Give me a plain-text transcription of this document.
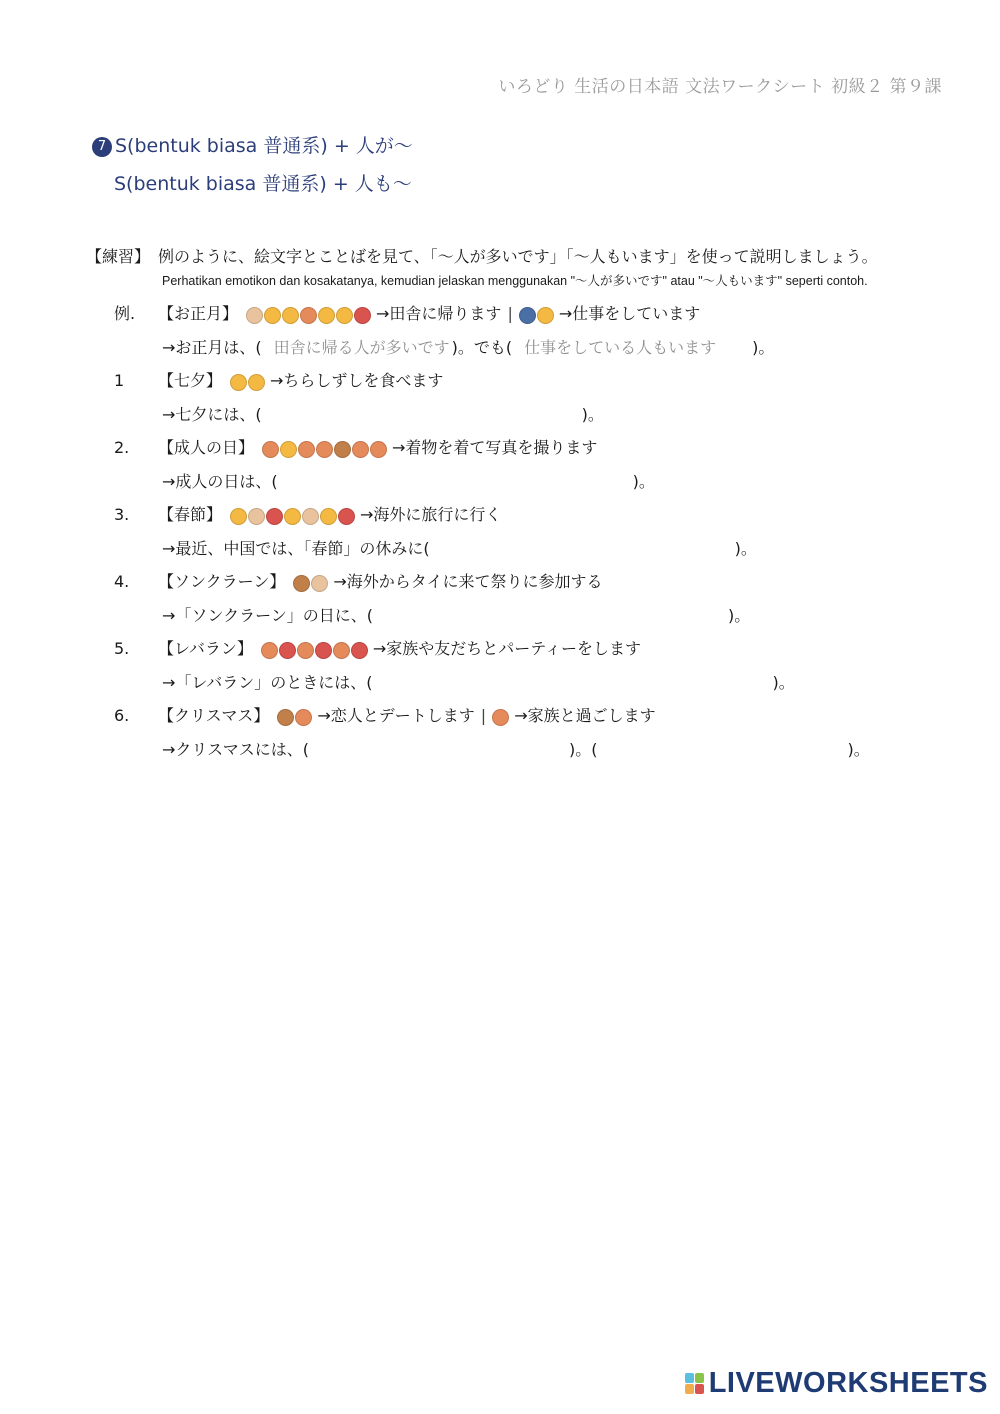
いろどり 生活の日本語 文法ワークシート 初級２ 第９課
7 S(bentuk biasa 普通系) + 人が〜
S(bentuk biasa 普通系) + 人も〜
【練習】 例のように、絵文字とことばを見て、「〜人が多いです」「〜人もいます」を使って説明しましょう。
Perhatikan emotikon dan kosakatanya, kemudian jelaskan menggunakan "〜人が多いです" atau "〜人もいます" seperti contoh.
例. 【お正月】	→田舎に帰ります |	→仕事をしています
→お正月は、( 田舎に帰る人が多いです )。でも( 仕事をしている人もいます )。
1 【七夕】	→ちらしずしを食べます
→七夕には、(	)。
2. 【成人の日】	→着物を着て写真を撮ります
→成人の日は、(	)。
3. 【春節】	→海外に旅行に行く
→最近、中国では、「春節」の休みに(	)。
4. 【ソンクラーン】	→海外からタイに来て祭りに参加する
→「ソンクラーン」の日に、(	)。
5. 【レバラン】	→家族や友だちとパーティーをします
→「レバラン」のときには、(	)。
6. 【クリスマス】	→恋人とデートします | →家族と過ごします
→クリスマスには、(	)。(	)。
LIVEWORKSHEETS
